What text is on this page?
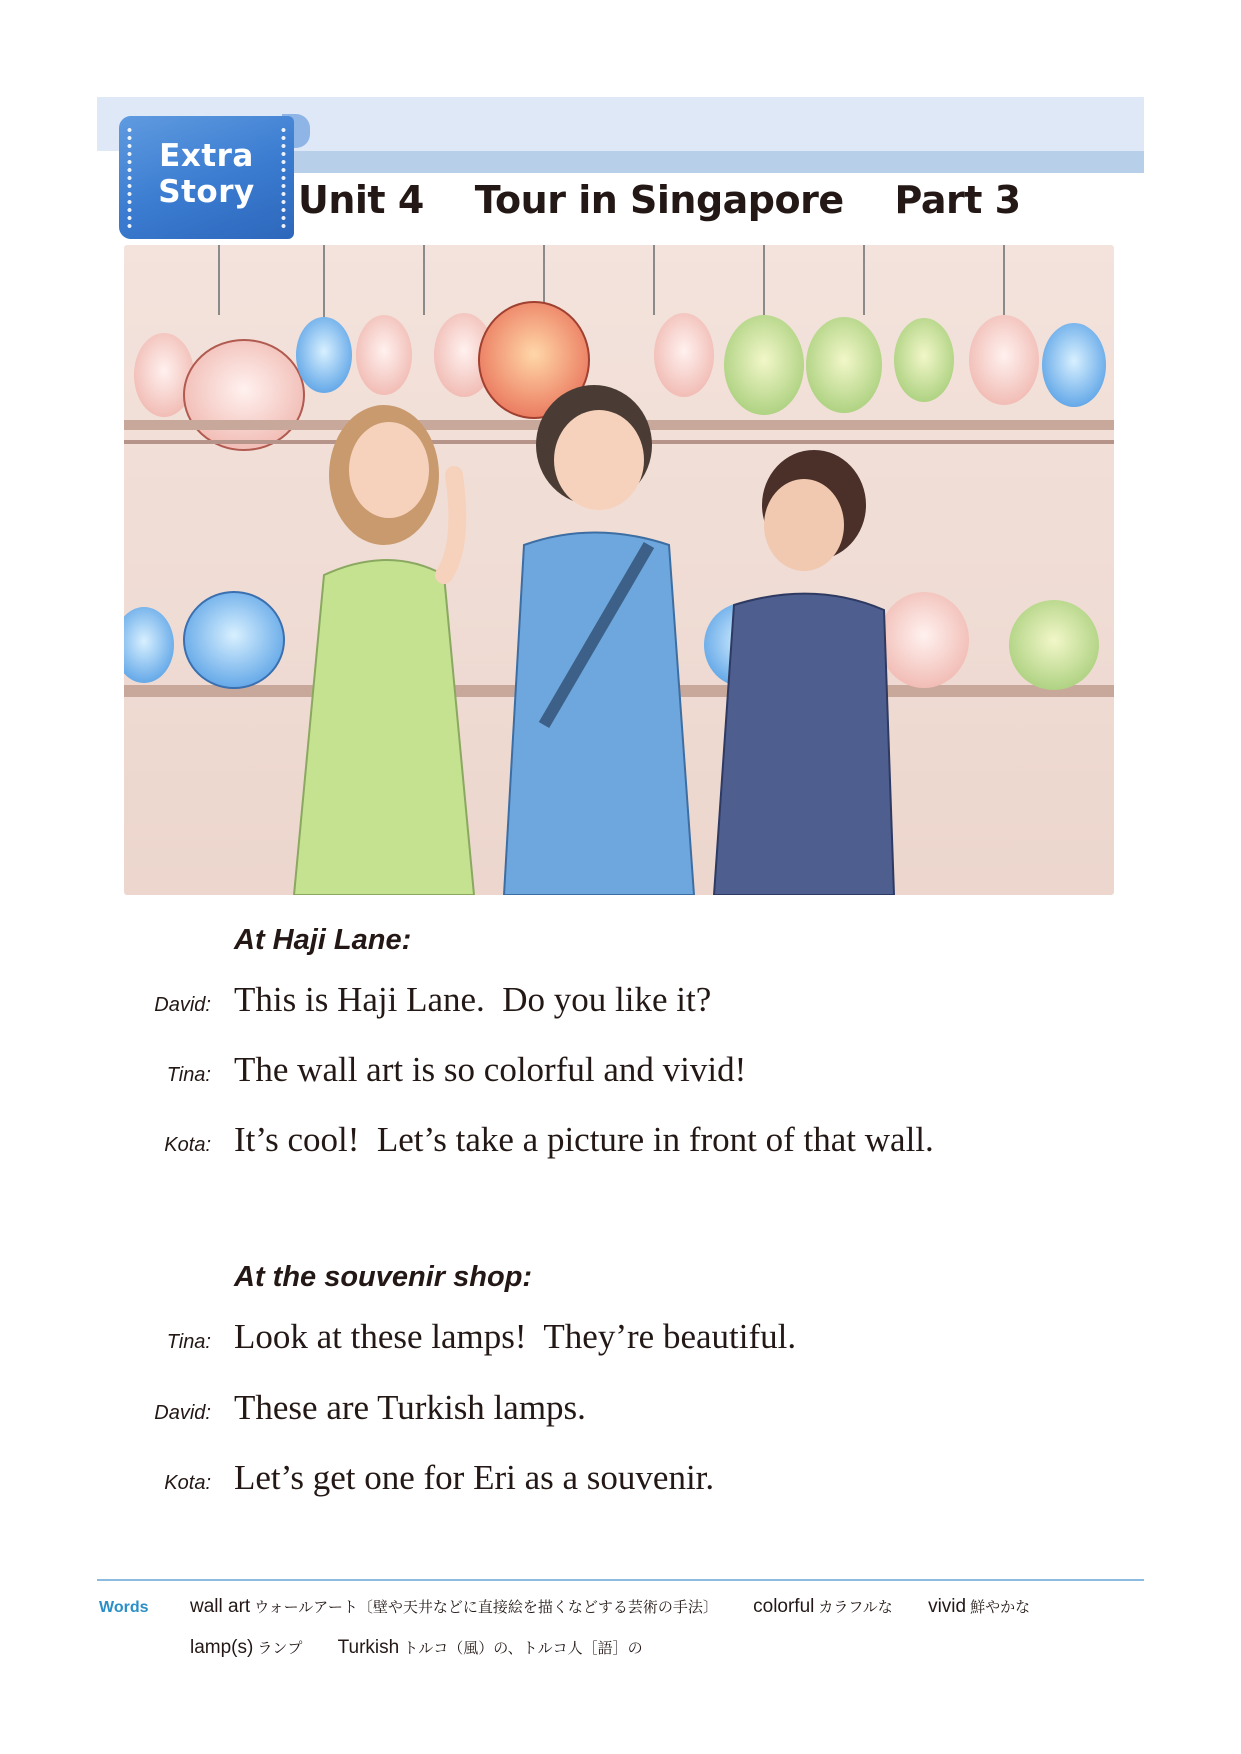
Extra
Story	Unit 4    Tour in Singapore    Part 3
At Haji Lane:
David: This is Haji Lane.  Do you like it?
Tina: The wall art is so colorful and vivid!
Kota: It’s cool!  Let’s take a picture in front of that wall.
At the souvenir shop:
Tina: Look at these lamps!  They’re beautiful.
David: These are Turkish lamps.
Kota: Let’s get one for Eri as a souvenir.
Words wall art ウォールアート〔壁や天井などに直接絵を描くなどする芸術の手法〕 colorful カラフルな vivid 鮮やかな
lamp(s) ランプ Turkish トルコ（風）の、トルコ人［語］の
